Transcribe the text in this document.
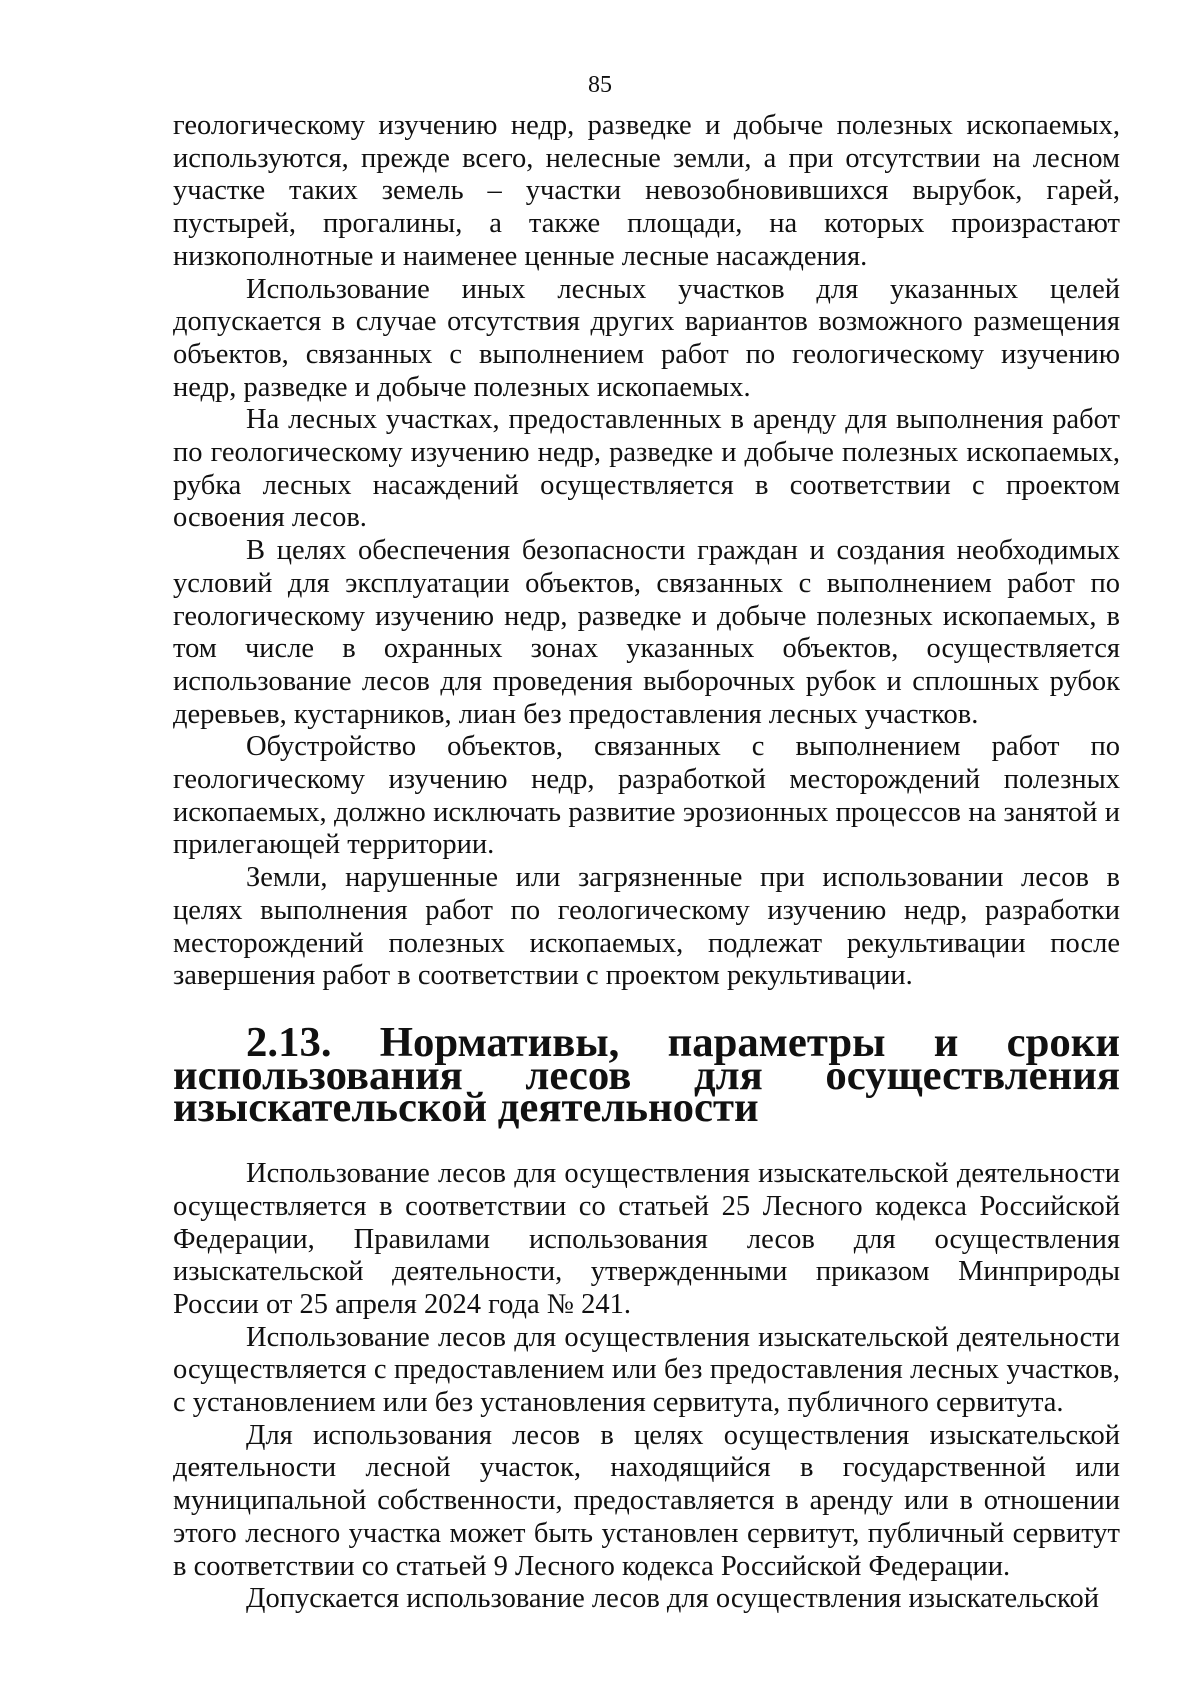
85

геологическому изучению недр, разведке и добыче полезных ископаемых, используются, прежде всего, нелесные земли, а при отсутствии на лесном участке таких земель – участки невозобновившихся вырубок, гарей, пустырей, прогалины, а также площади, на которых произрастают низкополнотные и наименее ценные лесные насаждения.

Использование иных лесных участков для указанных целей допускается в случае отсутствия других вариантов возможного размещения объектов, связанных с выполнением работ по геологическому изучению недр, разведке и добыче полезных ископаемых.

На лесных участках, предоставленных в аренду для выполнения работ по геологическому изучению недр, разведке и добыче полезных ископаемых, рубка лесных насаждений осуществляется в соответствии с проектом освоения лесов.

В целях обеспечения безопасности граждан и создания необходимых условий для эксплуатации объектов, связанных с выполнением работ по геологическому изучению недр, разведке и добыче полезных ископаемых, в том числе в охранных зонах указанных объектов, осуществляется использование лесов для проведения выборочных рубок и сплошных рубок деревьев, кустарников, лиан без предоставления лесных участков.

Обустройство объектов, связанных с выполнением работ по геологическому изучению недр, разработкой месторождений полезных ископаемых, должно исключать развитие эрозионных процессов на занятой и прилегающей территории.

Земли, нарушенные или загрязненные при использовании лесов в целях выполнения работ по геологическому изучению недр, разработки месторождений полезных ископаемых, подлежат рекультивации после завершения работ в соответствии с проектом рекультивации.

2.13. Нормативы, параметры и сроки использования лесов для осуществления изыскательской деятельности

Использование лесов для осуществления изыскательской деятельности осуществляется в соответствии со статьей 25 Лесного кодекса Российской Федерации, Правилами использования лесов для осуществления изыскательской деятельности, утвержденными приказом Минприроды России от 25 апреля 2024 года № 241.

Использование лесов для осуществления изыскательской деятельности осуществляется с предоставлением или без предоставления лесных участков, с установлением или без установления сервитута, публичного сервитута.

Для использования лесов в целях осуществления изыскательской деятельности лесной участок, находящийся в государственной или муниципальной собственности, предоставляется в аренду или в отношении этого лесного участка может быть установлен сервитут, публичный сервитут в соответствии со статьей 9 Лесного кодекса Российской Федерации.

Допускается использование лесов для осуществления изыскательской
